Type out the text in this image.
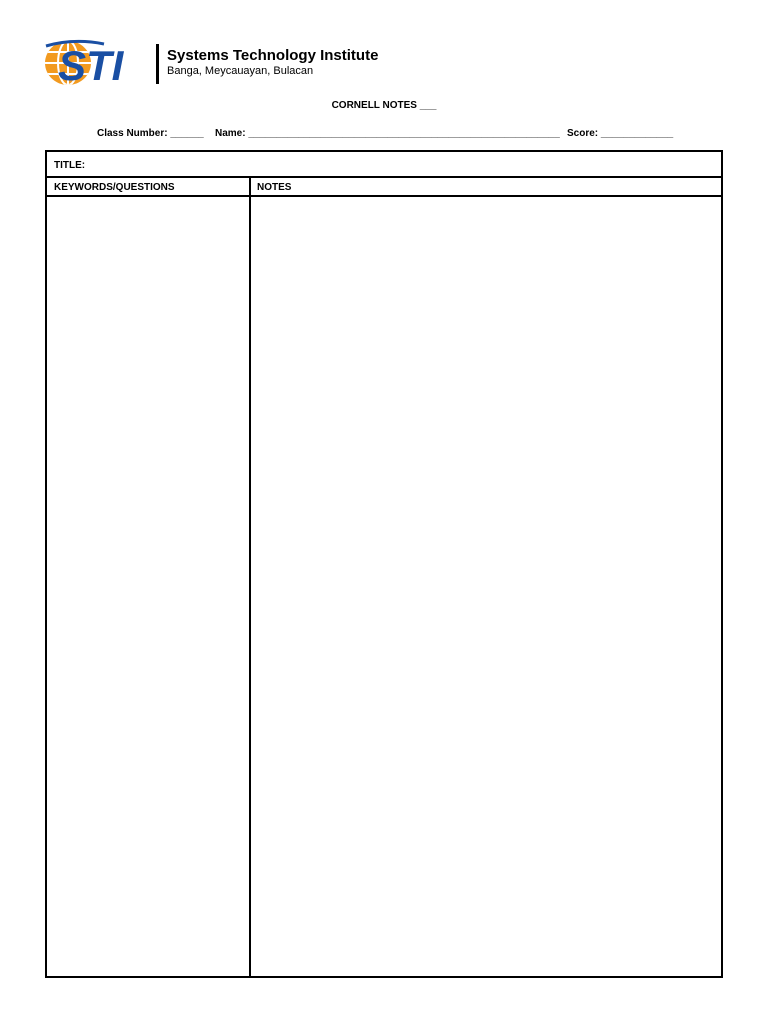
STI	Systems Technology Institute
Banga, Meycauayan, Bulacan
CORNELL NOTES ___
Class Number: ______ Name: ________________________________________________________ Score: _____________
TITLE:
KEYWORDS/QUESTIONS	NOTES
